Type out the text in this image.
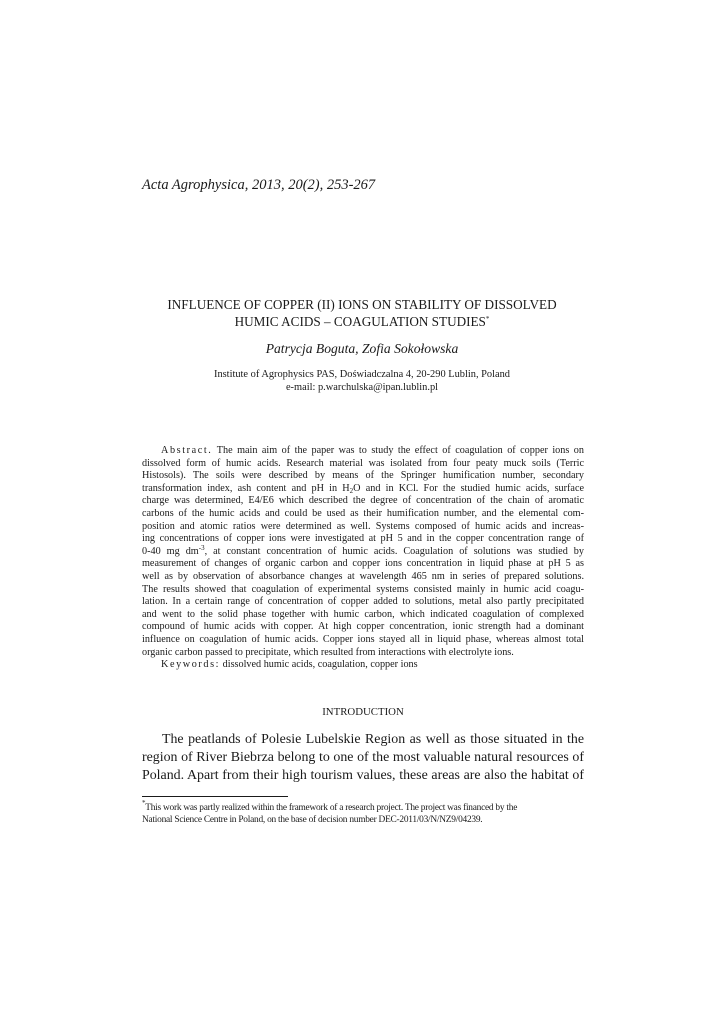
Acta Agrophysica, 2013, 20(2), 253-267
INFLUENCE OF COPPER (II) IONS ON STABILITY OF DISSOLVED
HUMIC ACIDS – COAGULATION STUDIES*
Patrycja Boguta, Zofia Sokołowska
Institute of Agrophysics PAS, Doświadczalna 4, 20-290 Lublin, Poland
e-mail: p.warchulska@ipan.lublin.pl
Abstract. The main aim of the paper was to study the effect of coagulation of copper ions on
dissolved form of humic acids. Research material was isolated from four peaty muck soils (Terric
Histosols). The soils were described by means of the Springer humification number, secondary
transformation index, ash content and pH in $H_2O$ and in KCl. For the studied humic acids, surface
charge was determined, E4/E6 which described the degree of concentration of the chain of aromatic
carbons of the humic acids and could be used as their humification number, and the elemental com-
position and atomic ratios were determined as well. Systems composed of humic acids and increas-
ing concentrations of copper ions were investigated at pH 5 and in the copper concentration range of
0-40 mg $dm^{-3}$, at constant concentration of humic acids. Coagulation of solutions was studied by
measurement of changes of organic carbon and copper ions concentration in liquid phase at pH 5 as
well as by observation of absorbance changes at wavelength 465 nm in series of prepared solutions.
The results showed that coagulation of experimental systems consisted mainly in humic acid coagu-
lation. In a certain range of concentration of copper added to solutions, metal also partly precipitated
and went to the solid phase together with humic carbon, which indicated coagulation of complexed
compound of humic acids with copper. At high copper concentration, ionic strength had a dominant
influence on coagulation of humic acids. Copper ions stayed all in liquid phase, whereas almost total
organic carbon passed to precipitate, which resulted from interactions with electrolyte ions.
Keywords: dissolved humic acids, coagulation, copper ions
INTRODUCTION
The peatlands of Polesie Lubelskie Region as well as those situated in the
region of River Biebrza belong to one of the most valuable natural resources of
Poland. Apart from their high tourism values, these areas are also the habitat of
*This work was partly realized within the framework of a research project. The project was financed by the
National Science Centre in Poland, on the base of decision number DEC-2011/03/N/NZ9/04239.
